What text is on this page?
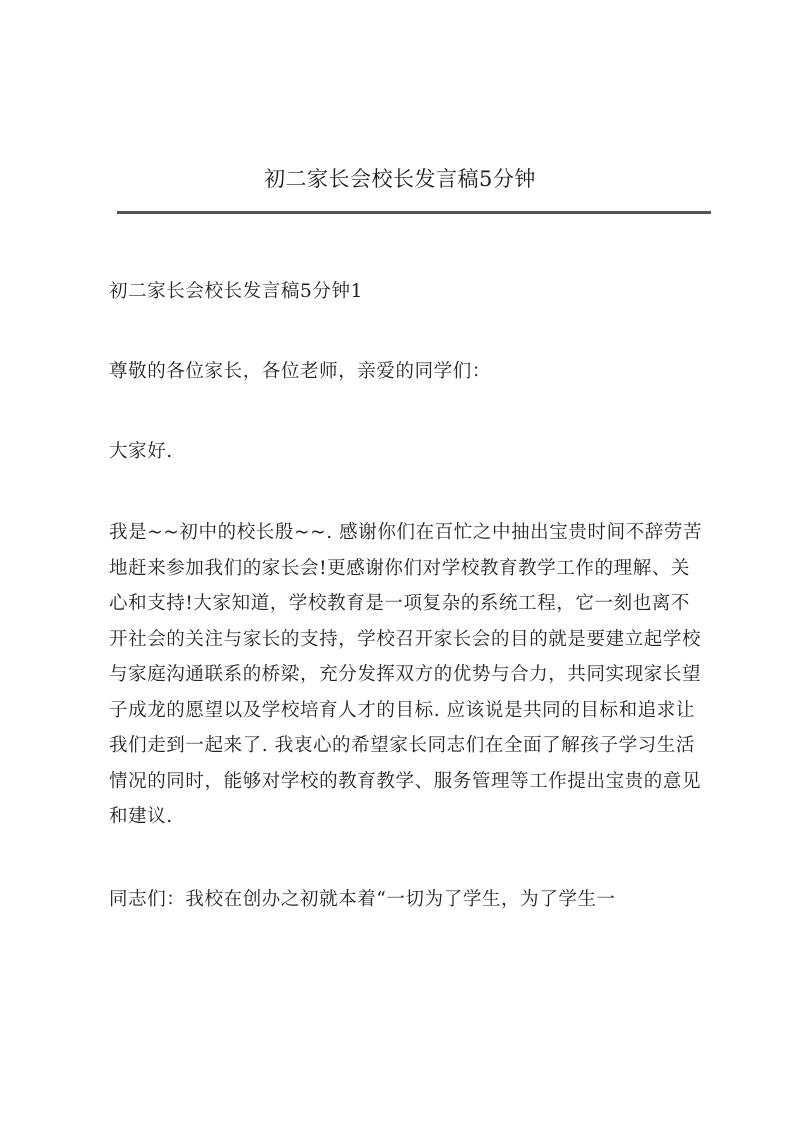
初二家长会校长发言稿5分钟

初二家长会校长发言稿5分钟1

尊敬的各位家长，各位老师，亲爱的同学们：

大家好.

我是~~初中的校长殷~~. 感谢你们在百忙之中抽出宝贵时间不辞劳苦地赶来参加我们的家长会!更感谢你们对学校教育教学工作的理解、关心和支持!大家知道，学校教育是一项复杂的系统工程，它一刻也离不开社会的关注与家长的支持，学校召开家长会的目的就是要建立起学校与家庭沟通联系的桥梁，充分发挥双方的优势与合力，共同实现家长望子成龙的愿望以及学校培育人才的目标. 应该说是共同的目标和追求让我们走到一起来了. 我衷心的希望家长同志们在全面了解孩子学习生活情况的同时，能够对学校的教育教学、服务管理等工作提出宝贵的意见和建议.

同志们：我校在创办之初就本着“一切为了学生，为了学生一
